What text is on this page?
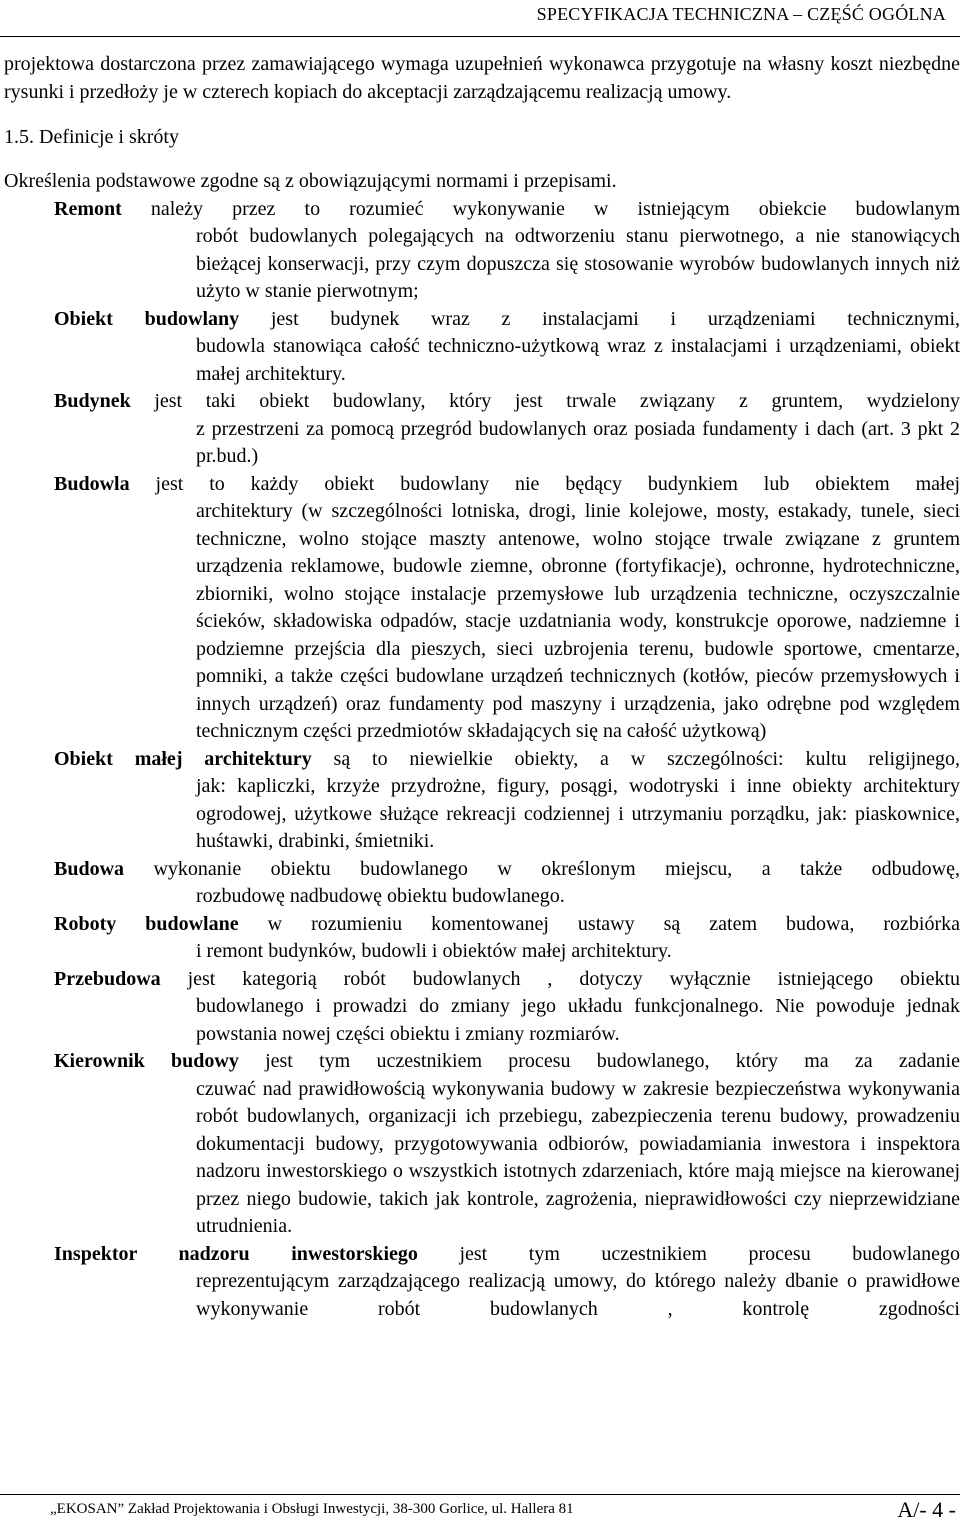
SPECYFIKACJA TECHNICZNA – CZĘŚĆ OGÓLNA

projektowa dostarczona przez zamawiającego wymaga uzupełnień wykonawca przygotuje na własny koszt niezbędne rysunki i przedłoży je w czterech kopiach do akceptacji zarządzającemu realizacją umowy.

1.5. Definicje i skróty

Określenia podstawowe zgodne są z obowiązującymi normami i przepisami.

Remont należy przez to rozumieć wykonywanie w istniejącym obiekcie budowlanym
robót budowlanych polegających na odtworzeniu stanu pierwotnego, a nie stanowiących bieżącej konserwacji, przy czym dopuszcza się stosowanie wyrobów budowlanych innych niż użyto w stanie pierwotnym;
Obiekt budowlany jest budynek wraz z instalacjami i urządzeniami technicznymi,
budowla stanowiąca całość techniczno-użytkową wraz z instalacjami i urządzeniami, obiekt małej architektury.
Budynek jest taki obiekt budowlany, który jest trwale związany z gruntem, wydzielony
z przestrzeni za pomocą przegród budowlanych oraz posiada fundamenty i dach (art. 3 pkt 2 pr.bud.)
Budowla jest to każdy obiekt budowlany nie będący budynkiem lub obiektem małej
architektury (w szczególności lotniska, drogi, linie kolejowe, mosty, estakady, tunele, sieci techniczne, wolno stojące maszty antenowe, wolno stojące trwale związane z gruntem urządzenia reklamowe, budowle ziemne, obronne (fortyfikacje), ochronne, hydrotechniczne, zbiorniki, wolno stojące instalacje przemysłowe lub urządzenia techniczne, oczyszczalnie ścieków, składowiska odpadów, stacje uzdatniania wody, konstrukcje oporowe, nadziemne i podziemne przejścia dla pieszych, sieci uzbrojenia terenu, budowle sportowe, cmentarze, pomniki, a także części budowlane urządzeń technicznych (kotłów, pieców przemysłowych i innych urządzeń) oraz fundamenty pod maszyny i urządzenia, jako odrębne pod względem technicznym części przedmiotów składających się na całość użytkową)
Obiekt małej architektury są to niewielkie obiekty, a w szczególności: kultu religijnego,
jak: kapliczki, krzyże przydrożne, figury, posągi, wodotryski i inne obiekty architektury ogrodowej, użytkowe służące rekreacji codziennej i utrzymaniu porządku, jak: piaskownice, huśtawki, drabinki, śmietniki.
Budowa wykonanie obiektu budowlanego w określonym miejscu, a także odbudowę,
rozbudowę nadbudowę obiektu budowlanego.
Roboty budowlane w rozumieniu komentowanej ustawy są zatem budowa, rozbiórka
i remont budynków, budowli i obiektów małej architektury.
Przebudowa jest kategorią robót budowlanych , dotyczy wyłącznie istniejącego obiektu
budowlanego i prowadzi do zmiany jego układu funkcjonalnego. Nie powoduje jednak powstania nowej części obiektu i zmiany rozmiarów.
Kierownik budowy jest tym uczestnikiem procesu budowlanego, który ma za zadanie
czuwać nad prawidłowością wykonywania budowy w zakresie bezpieczeństwa wykonywania robót budowlanych, organizacji ich przebiegu, zabezpieczenia terenu budowy, prowadzeniu dokumentacji budowy, przygotowywania odbiorów, powiadamiania inwestora i inspektora nadzoru inwestorskiego o wszystkich istotnych zdarzeniach, które mają miejsce na kierowanej przez niego budowie, takich jak kontrole, zagrożenia, nieprawidłowości czy nieprzewidziane utrudnienia.
Inspektor nadzoru inwestorskiego jest tym uczestnikiem procesu budowlanego
reprezentującym zarządzającego realizacją umowy, do którego należy dbanie o prawidłowe wykonywanie robót budowlanych , kontrolę zgodności
„EKOSAN” Zakład Projektowania i Obsługi Inwestycji, 38-300 Gorlice, ul. Hallera 81	A/- 4 -
